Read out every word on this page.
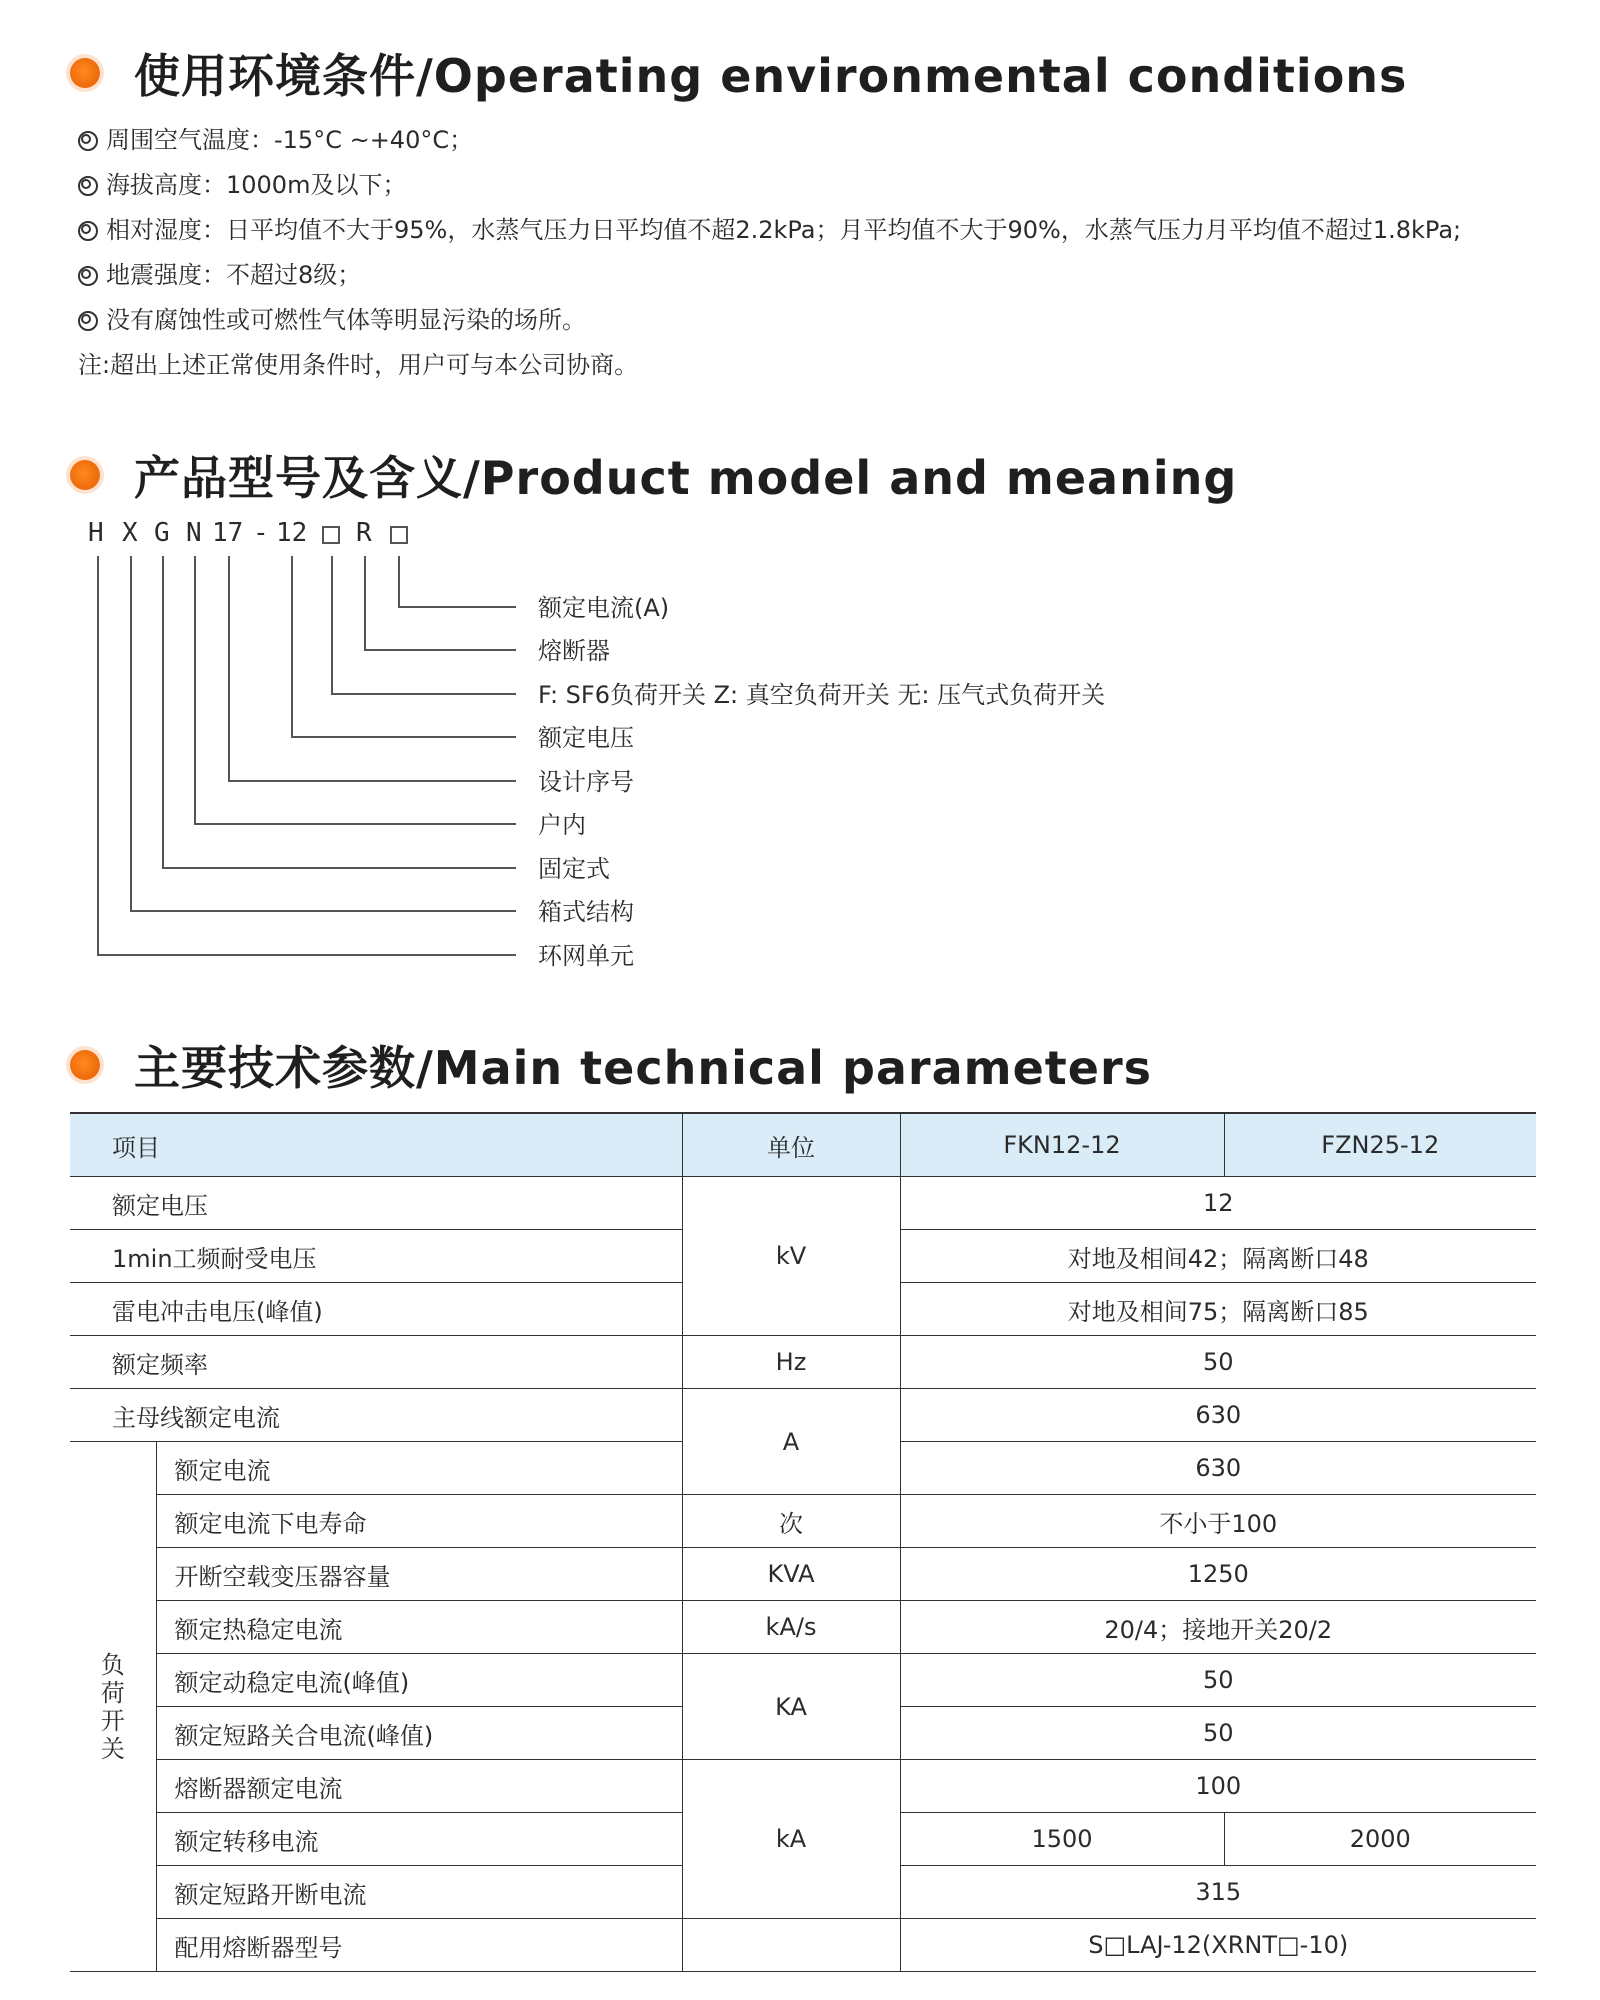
使用环境条件/Operating environmental conditions
周围空气温度：-15°C ~+40°C；
海拔高度：1000m及以下；
相对湿度：日平均值不大于95%，水蒸气压力日平均值不超2.2kPa；月平均值不大于90%，水蒸气压力月平均值不超过1.8kPa;
地震强度：不超过8级；
没有腐蚀性或可燃性气体等明显污染的场所。
注:超出上述正常使用条件时，用户可与本公司协商。
产品型号及含义/Product model and meaning
H X G N 17 - 12 R
额定电流(A)
熔断器
F: SF6负荷开关 Z: 真空负荷开关 无: 压气式负荷开关
额定电压
设计序号
户内
固定式
箱式结构
环网单元
主要技术参数/Main technical parameters
项目		单位	FKN12-12	FZN25-12
额定电压		kV	12	
1min工频耐受电压			对地及相间42；隔离断口48	
雷电冲击电压(峰值)			对地及相间75；隔离断口85	
额定频率		Hz	50	
主母线额定电流		A	630	

负
荷
开
关	额定电流		630	
	额定电流下电寿命	次	不小于100	
	开断空载变压器容量	KVA	1250	
	额定热稳定电流	kA/s	20/4；接地开关20/2	
	额定动稳定电流(峰值)	KA	50	
	额定短路关合电流(峰值)		50	
	熔断器额定电流	kA	100	
	额定转移电流		1500	2000
	额定短路开断电流		315	
	配用熔断器型号		S□LAJ-12(XRNT□-10)	
